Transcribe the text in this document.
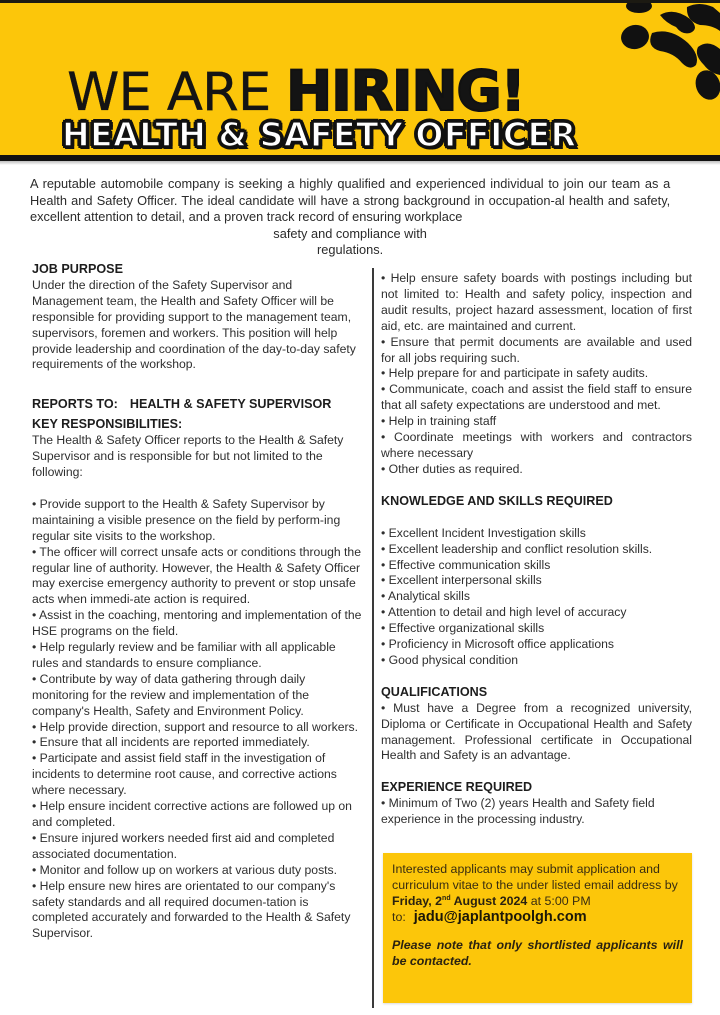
WE ARE HIRING!
HEALTH & SAFETY OFFICER
A reputable automobile company is seeking a highly qualified and experienced individual to join our team as a Health and Safety Officer. The ideal candidate will have a strong background in occupation-al health and safety, excellent attention to detail, and a proven track record of ensuring workplace
safety and compliance with
regulations.
JOB PURPOSE

Under the direction of the Safety Supervisor and Management team, the Health and Safety Officer will be responsible for providing support to the management team, supervisors, foremen and workers. This position will help provide leadership and coordination of the day-to-day safety requirements of the workshop.

REPORTS TO: HEALTH & SAFETY SUPERVISOR
KEY RESPONSIBILITIES:

The Health & Safety Officer reports to the Health & Safety Supervisor and is responsible for but not limited to the following:

• Provide support to the Health & Safety Supervisor by maintaining a visible presence on the field by perform-ing regular site visits to the workshop.

• The officer will correct unsafe acts or conditions through the regular line of authority. However, the Health & Safety Officer may exercise emergency authority to prevent or stop unsafe acts when immedi-ate action is required.

• Assist in the coaching, mentoring and implementation of the HSE programs on the field.

• Help regularly review and be familiar with all applicable rules and standards to ensure compliance.

• Contribute by way of data gathering through daily monitoring for the review and implementation of the company's Health, Safety and Environment Policy.

• Help provide direction, support and resource to all workers.

• Ensure that all incidents are reported immediately.

• Participate and assist field staff in the investigation of incidents to determine root cause, and corrective actions where necessary.

• Help ensure incident corrective actions are followed up on and completed.

• Ensure injured workers needed first aid and completed associated documentation.

• Monitor and follow up on workers at various duty posts.

• Help ensure new hires are orientated to our company's safety standards and all required documen-tation is completed accurately and forwarded to the Health & Safety Supervisor.

• Help ensure safety boards with postings including but not limited to: Health and safety policy, inspection and audit results, project hazard assessment, location of first aid, etc. are maintained and current.

• Ensure that permit documents are available and used for all jobs requiring such.

• Help prepare for and participate in safety audits.

• Communicate, coach and assist the field staff to ensure that all safety expectations are understood and met.

• Help in training staff

• Coordinate meetings with workers and contractors where necessary

• Other duties as required.

KNOWLEDGE AND SKILLS REQUIRED

• Excellent Incident Investigation skills

• Excellent leadership and conflict resolution skills.

• Effective communication skills

• Excellent interpersonal skills

• Analytical skills

• Attention to detail and high level of accuracy

• Effective organizational skills

• Proficiency in Microsoft office applications

• Good physical condition

QUALIFICATIONS

• Must have a Degree from a recognized university, Diploma or Certificate in Occupational Health and Safety management. Professional certificate in Occupational Health and Safety is an advantage.

EXPERIENCE REQUIRED

• Minimum of Two (2) years Health and Safety field experience in the processing industry.

Interested applicants may submit application and curriculum vitae to the under listed email address by Friday, 2nd August 2024 at 5:00 PM
to: jadu@japlantpoolgh.com
Please note that only shortlisted applicants will be contacted.
